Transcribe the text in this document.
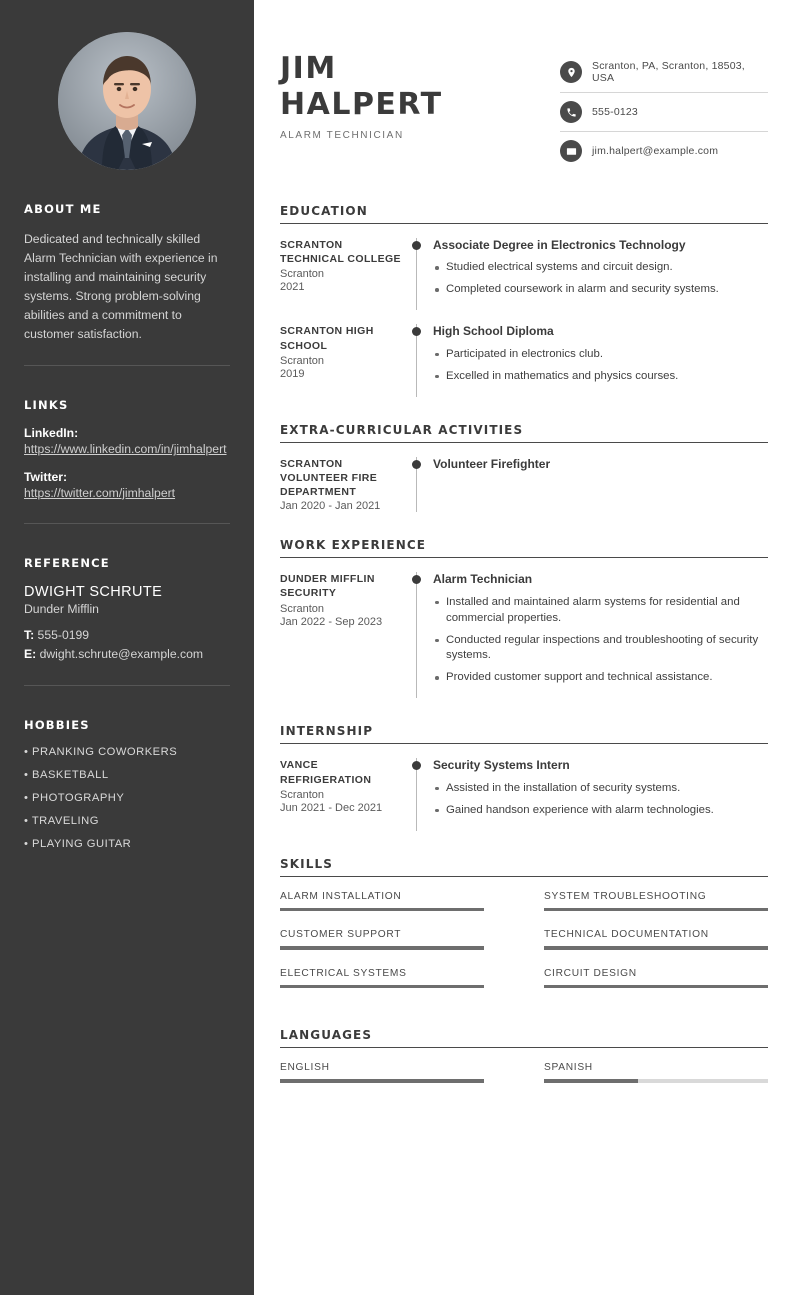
ABOUT ME

Dedicated and technically skilled Alarm Technician with experience in installing and maintaining security systems. Strong problem-solving abilities and a commitment to customer satisfaction.

LINKS
LinkedIn:
https://www.linkedin.com/in/jimhalpert
Twitter:
https://twitter.com/jimhalpert
REFERENCE
DWIGHT SCHRUTE
Dunder Mifflin
T: 555-0199
E: dwight.schrute@example.com
HOBBIES
• PRANKING COWORKERS
• BASKETBALL
• PHOTOGRAPHY
• TRAVELING
• PLAYING GUITAR
JIM
HALPERT
ALARM TECHNICIAN
Scranton, PA, Scranton, 18503, USA
555-0123
jim.halpert@example.com
EDUCATION
SCRANTON TECHNICAL COLLEGE
Scranton
2021
Associate Degree in Electronics Technology
Studied electrical systems and circuit design.
Completed coursework in alarm and security systems.
SCRANTON HIGH SCHOOL
Scranton
2019
High School Diploma
Participated in electronics club.
Excelled in mathematics and physics courses.
EXTRA-CURRICULAR ACTIVITIES
SCRANTON VOLUNTEER FIRE DEPARTMENT
Jan 2020 - Jan 2021
Volunteer Firefighter
WORK EXPERIENCE
DUNDER MIFFLIN SECURITY
Scranton
Jan 2022 - Sep 2023
Alarm Technician
Installed and maintained alarm systems for residential and commercial properties.
Conducted regular inspections and troubleshooting of security systems.
Provided customer support and technical assistance.
INTERNSHIP
VANCE REFRIGERATION
Scranton
Jun 2021 - Dec 2021
Security Systems Intern
Assisted in the installation of security systems.
Gained handson experience with alarm technologies.
SKILLS
ALARM INSTALLATION	SYSTEM TROUBLESHOOTING
CUSTOMER SUPPORT	TECHNICAL DOCUMENTATION
ELECTRICAL SYSTEMS	CIRCUIT DESIGN
LANGUAGES
ENGLISH	SPANISH
